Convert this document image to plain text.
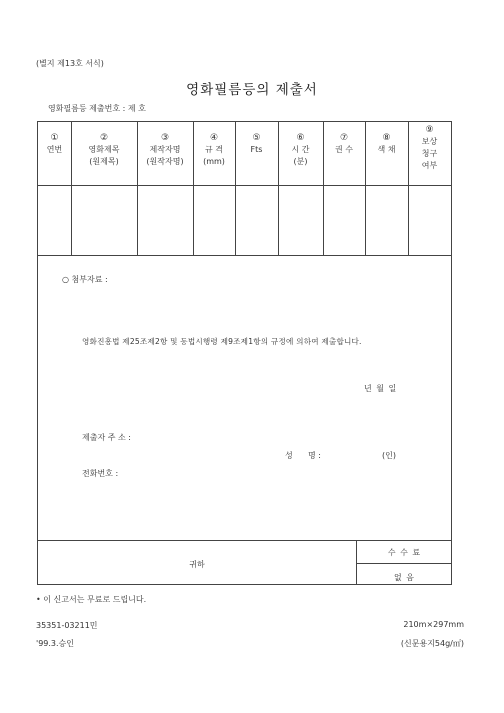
(별지 제13호 서식)
영화필름등의 제출서
영화필름등 제출번호 : 제 호
①
연번
②
영화제목
(원제목)
③
제작자명
(원작자명)
④
규 격
(mm)
⑤
Fts
⑥
시 간
(분)
⑦
권 수
⑧
색 채
⑨
보상
청구
여부
○ 첨부자료 :
영화진흥법 제25조제2항 및 동법시행령 제9조제1항의 규정에 의하여 제출합니다.
년 월 일
제출자 주 소 :
성      명 :                        (인)
전화번호 :
귀하
수 수 료
없 음
• 이 신고서는 무료로 드립니다.
35351-03211민
'99.3.승인
210m×297mm
(신문용지54g/㎡)
